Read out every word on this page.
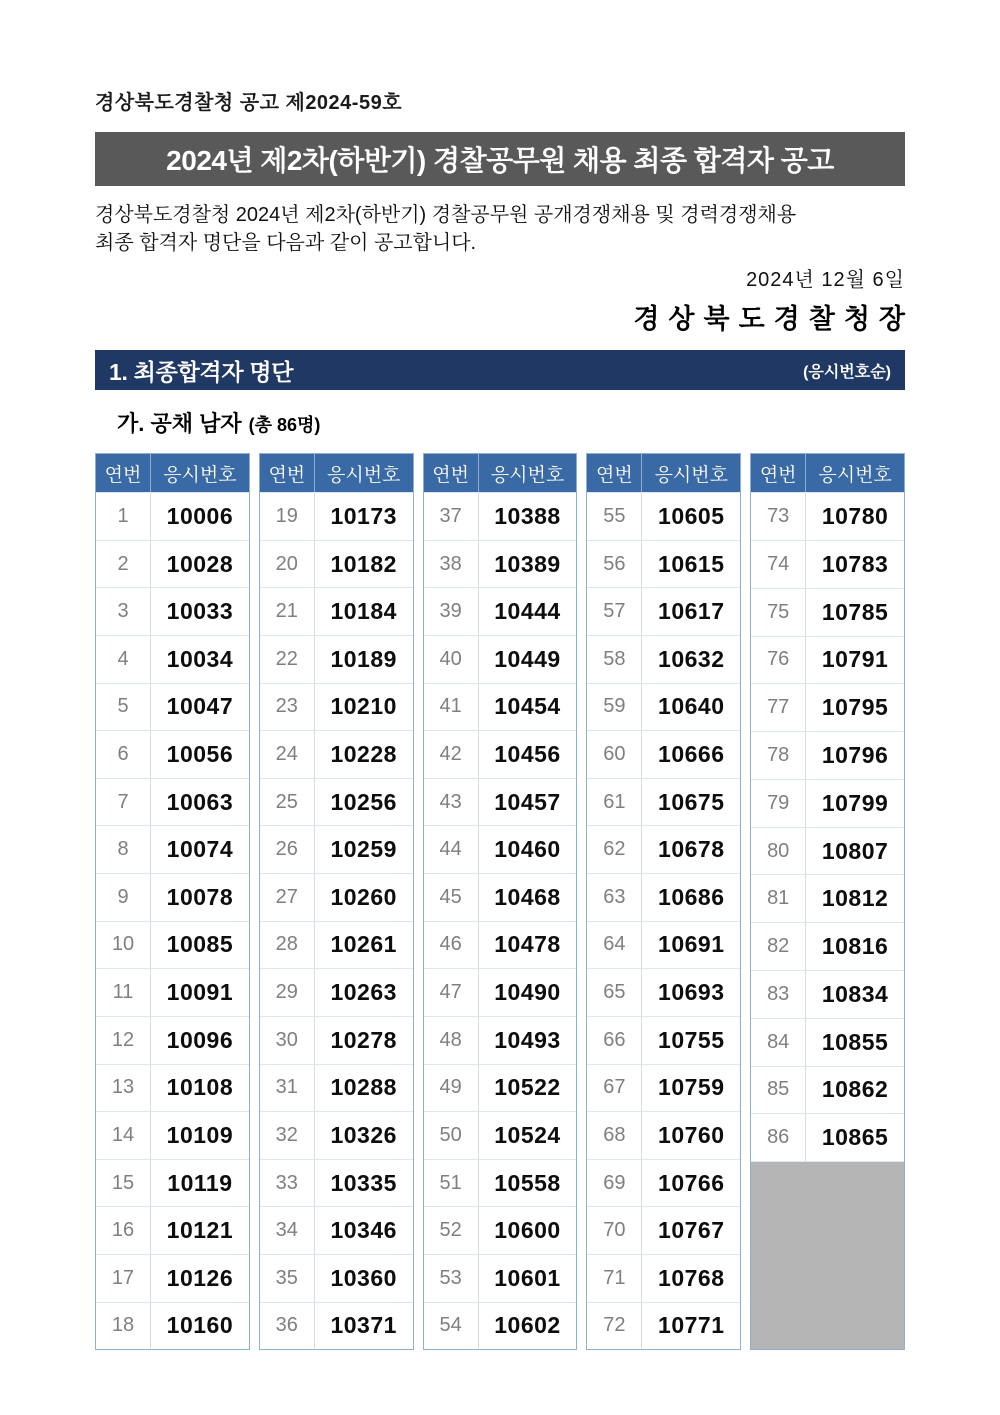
경상북도경찰청 공고 제2024-59호
2024년 제2차(하반기) 경찰공무원 채용 최종 합격자 공고

경상북도경찰청 2024년 제2차(하반기) 경찰공무원 공개경쟁채용 및 경력경쟁채용
최종 합격자 명단을 다음과 같이 공고합니다.

2024년 12월 6일
경상북도경찰청장
1. 최종합격자 명단	(응시번호순)
가. 공채 남자 (총 86명)
연번	응시번호
1	10006
2	10028
3	10033
4	10034
5	10047
6	10056
7	10063
8	10074
9	10078
10	10085
11	10091
12	10096
13	10108
14	10109
15	10119
16	10121
17	10126
18	10160
연번	응시번호
19	10173
20	10182
21	10184
22	10189
23	10210
24	10228
25	10256
26	10259
27	10260
28	10261
29	10263
30	10278
31	10288
32	10326
33	10335
34	10346
35	10360
36	10371
연번	응시번호
37	10388
38	10389
39	10444
40	10449
41	10454
42	10456
43	10457
44	10460
45	10468
46	10478
47	10490
48	10493
49	10522
50	10524
51	10558
52	10600
53	10601
54	10602
연번	응시번호
55	10605
56	10615
57	10617
58	10632
59	10640
60	10666
61	10675
62	10678
63	10686
64	10691
65	10693
66	10755
67	10759
68	10760
69	10766
70	10767
71	10768
72	10771
연번	응시번호
73	10780
74	10783
75	10785
76	10791
77	10795
78	10796
79	10799
80	10807
81	10812
82	10816
83	10834
84	10855
85	10862
86	10865
